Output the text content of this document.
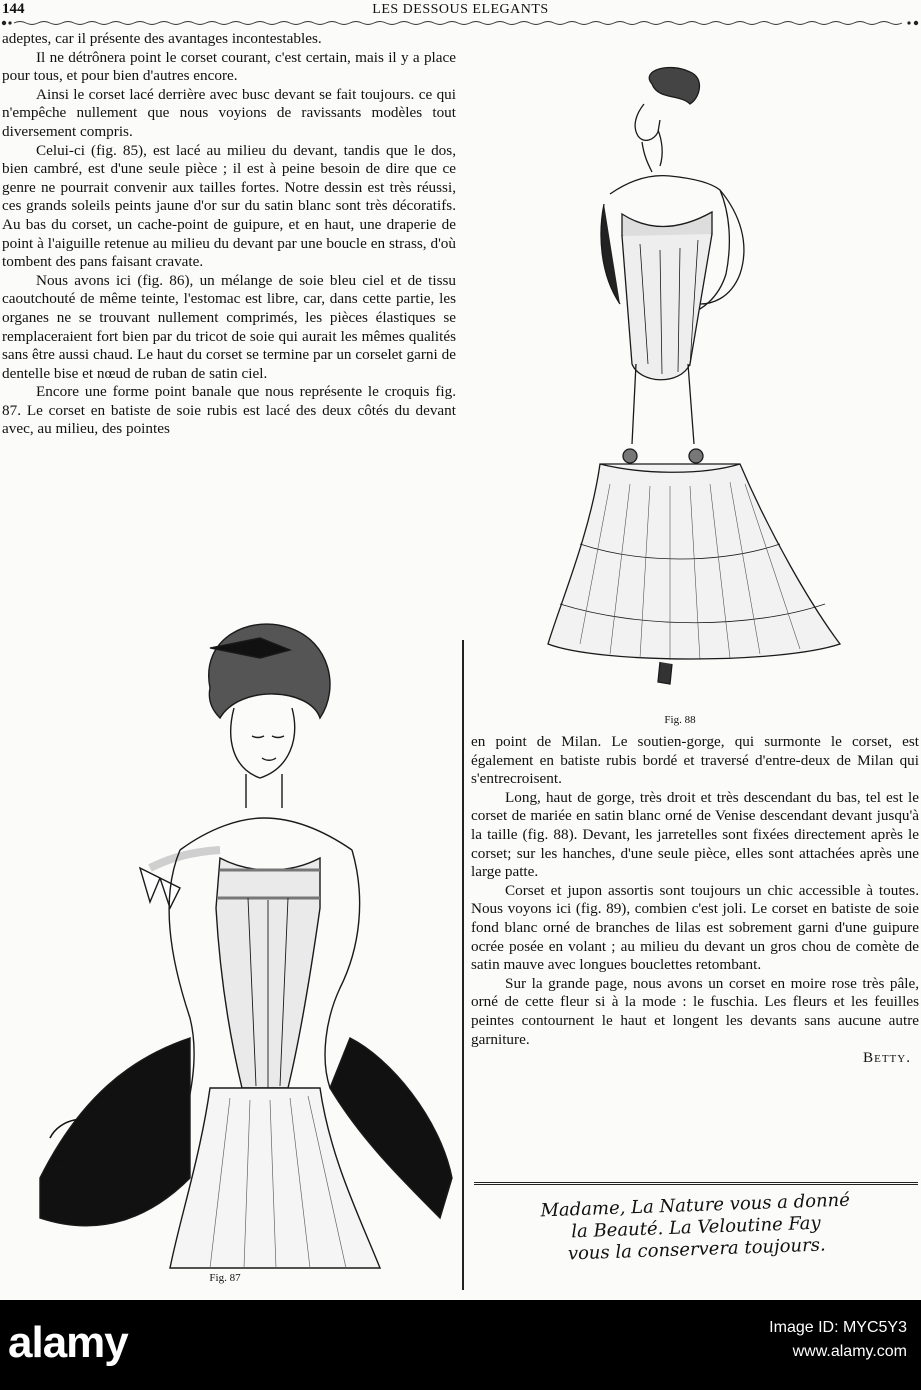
144	LES DESSOUS ELEGANTS

adeptes, car il présente des avantages incontestables.

Il ne détrônera point le corset courant, c'est certain, mais il y a place pour tous, et pour bien d'autres encore.

Ainsi le corset lacé derrière avec busc devant se fait toujours. ce qui n'empêche nullement que nous voyions de ravissants modèles tout diversement compris.

Celui-ci (fig. 85), est lacé au milieu du devant, tandis que le dos, bien cambré, est d'une seule pièce ; il est à peine besoin de dire que ce genre ne pourrait convenir aux tailles fortes. Notre dessin est très réussi, ces grands soleils peints jaune d'or sur du satin blanc sont très décoratifs. Au bas du corset, un cache-point de guipure, et en haut, une draperie de point à l'aiguille retenue au milieu du devant par une boucle en strass, d'où tombent des pans faisant cravate.

Nous avons ici (fig. 86), un mélange de soie bleu ciel et de tissu caoutchouté de même teinte, l'estomac est libre, car, dans cette partie, les organes ne se trouvant nullement comprimés, les pièces élastiques se remplaceraient fort bien par du tricot de soie qui aurait les mêmes qualités sans être aussi chaud. Le haut du corset se termine par un corselet garni de dentelle bise et nœud de ruban de satin ciel.

Encore une forme point banale que nous représente le croquis fig. 87. Le corset en batiste de soie rubis est lacé des deux côtés du devant avec, au milieu, des pointes

Fig. 88
Fig. 87

en point de Milan. Le soutien-gorge, qui surmonte le corset, est également en batiste rubis bordé et traversé d'entre-deux de Milan qui s'entrecroisent.

Long, haut de gorge, très droit et très descendant du bas, tel est le corset de mariée en satin blanc orné de Venise descendant devant jusqu'à la taille (fig. 88). Devant, les jarretelles sont fixées directement après le corset; sur les hanches, d'une seule pièce, elles sont attachées après une large patte.

Corset et jupon assortis sont toujours un chic accessible à toutes. Nous voyons ici (fig. 89), combien c'est joli. Le corset en batiste de soie fond blanc orné de branches de lilas est sobrement garni d'une guipure ocrée posée en volant ; au milieu du devant un gros chou de comète de satin mauve avec longues bouclettes retombant.

Sur la grande page, nous avons un corset en moire rose très pâle, orné de cette fleur si à la mode : le fuschia. Les fleurs et les feuilles peintes contournent le haut et longent les devants sans aucune autre garniture.

Betty.
Madame, La Nature vous a donné
la Beauté. La Veloutine Fay
vous la conservera toujours.
alamy	Image ID: MYC5Y3
www.alamy.com
